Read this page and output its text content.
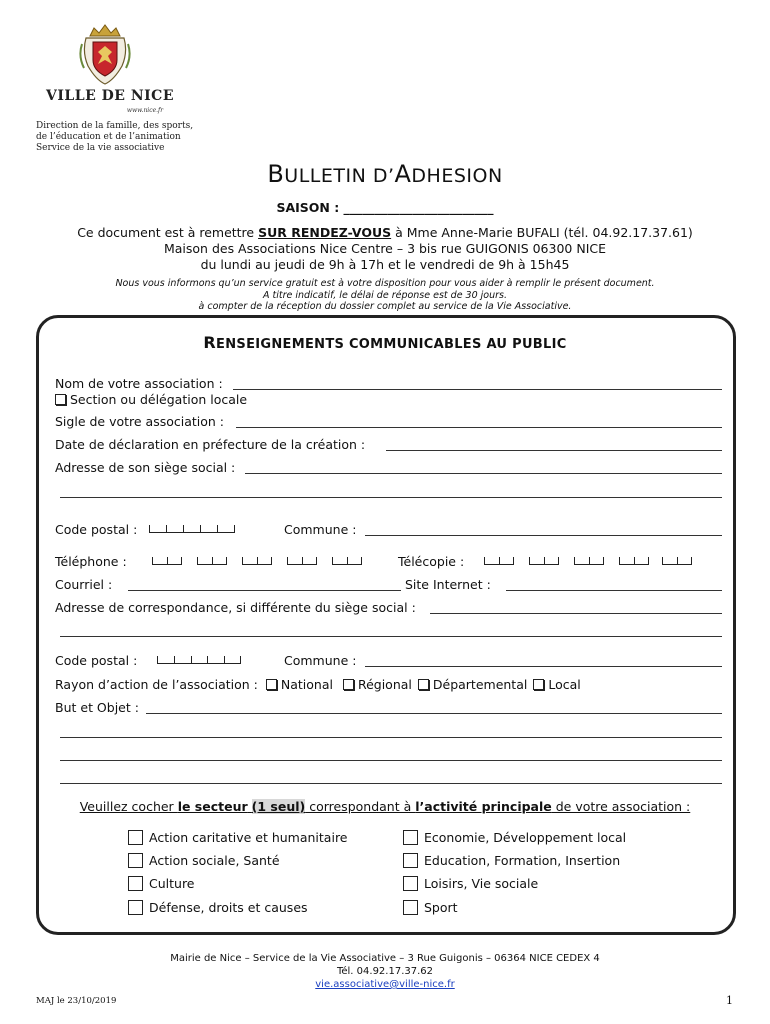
VILLE DE NICE
www.nice.fr
Direction de la famille, des sports,
de l’éducation et de l’animation
Service de la vie associative
BULLETIN D’ADHESION
SAISON : ________________________
Ce document est à remettre SUR RENDEZ-VOUS à Mme Anne-Marie BUFALI (tél. 04.92.17.37.61)
Maison des Associations Nice Centre – 3 bis rue GUIGONIS 06300 NICE
du lundi au jeudi de 9h à 17h et le vendredi de 9h à 15h45
Nous vous informons qu’un service gratuit est à votre disposition pour vous aider à remplir le présent document.
A titre indicatif, le délai de réponse est de 30 jours.
à compter de la réception du dossier complet au service de la Vie Associative.
RENSEIGNEMENTS COMMUNICABLES AU PUBLIC
Nom de votre association :
Section ou délégation locale
Sigle de votre association :
Date de déclaration en préfecture de la création :
Adresse de son siège social :
Code postal :	Commune :
Téléphone :	Télécopie :
Courriel :	Site Internet :
Adresse de correspondance, si différente du siège social :
Code postal :	Commune :
Rayon d’action de l’association : National Régional Départemental Local
But et Objet :
Veuillez cocher le secteur (1 seul) correspondant à l’activité principale de votre association :
Action caritative et humanitaire
Action sociale, Santé
Culture
Défense, droits et causes
Economie, Développement local
Education, Formation, Insertion
Loisirs, Vie sociale
Sport
Mairie de Nice – Service de la Vie Associative – 3 Rue Guigonis – 06364 NICE CEDEX 4
Tél. 04.92.17.37.62
vie.associative@ville-nice.fr
MAJ le 23/10/2019	1
